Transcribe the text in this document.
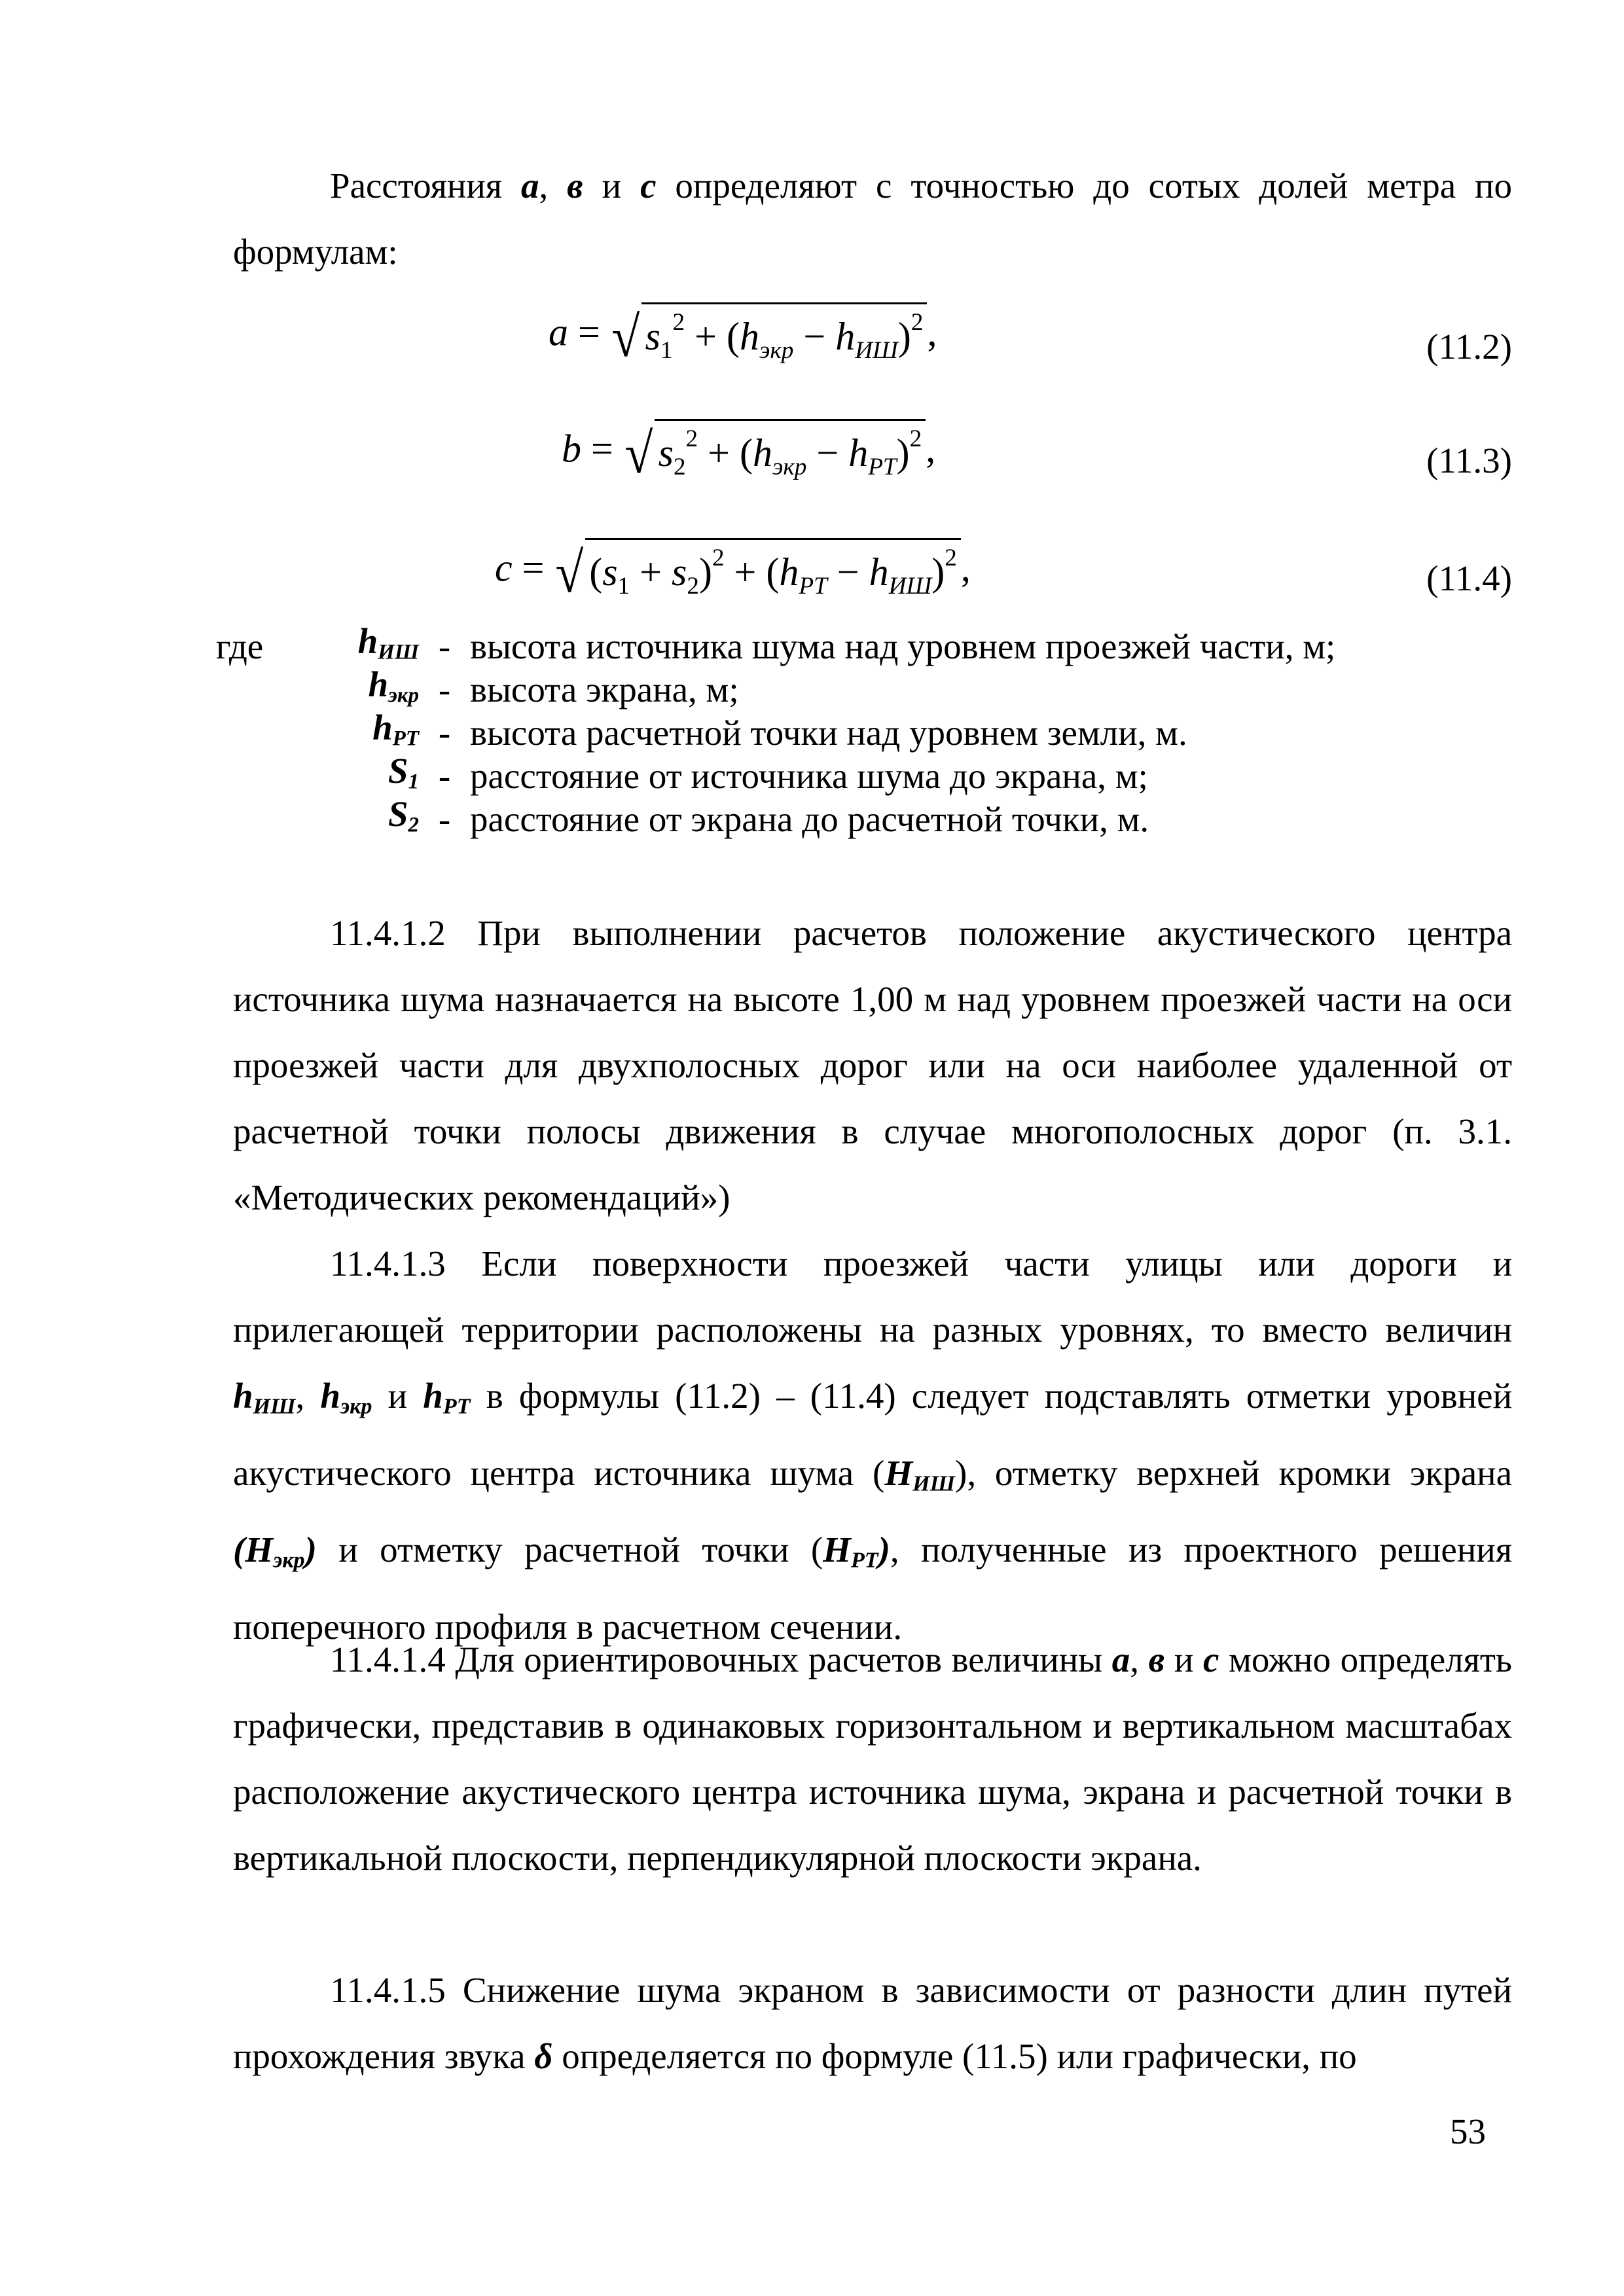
Расстояния а, в и с определяют с точностью до сотых долей метра по формулам:

a = √ $s_1^2 + (h_{экр} - h_{ИШ})^2$ ,	(11.2)
b = √ $s_2^2 + (h_{экр} - h_{РТ})^2$ ,	(11.3)
c = √ $(s_1 + s_2)^2 + (h_{РТ} - h_{ИШ})^2$ ,	(11.4)
где	$h_{ИШ}$ - высота источника шума над уровнем проезжей части, м;
$h_{экр}$ - высота экрана, м;
$h_{РТ}$ - высота расчетной точки над уровнем земли, м.
$S_1$ - расстояние от источника шума до экрана, м;
$S_2$ - расстояние от экрана до расчетной точки, м.

11.4.1.2 При выполнении расчетов положение акустического центра источника шума назначается на высоте 1,00 м над уровнем проезжей части на оси проезжей части для двухполосных дорог или на оси наиболее удаленной от расчетной точки полосы движения в случае многополосных дорог (п. 3.1. «Методических рекомендаций»)

11.4.1.3 Если поверхности проезжей части улицы или дороги и прилегающей территории расположены на разных уровнях, то вместо величин $h_{ИШ}$, $h_{экр}$ и $h_{РТ}$ в формулы (11.2) – (11.4) следует подставлять отметки уровней акустического центра источника шума $(H_{ИШ})$, отметку верхней кромки экрана $(H_{экр})$ и отметку расчетной точки $(H_{РТ})$, полученные из проектного решения поперечного профиля в расчетном сечении.

11.4.1.4 Для ориентировочных расчетов величины а, в и с можно определять графически, представив в одинаковых горизонтальном и вертикальном масштабах расположение акустического центра источника шума, экрана и расчетной точки в вертикальной плоскости, перпендикулярной плоскости экрана.

11.4.1.5 Снижение шума экраном в зависимости от разности длин путей прохождения звука δ определяется по формуле (11.5) или графически, по

53
